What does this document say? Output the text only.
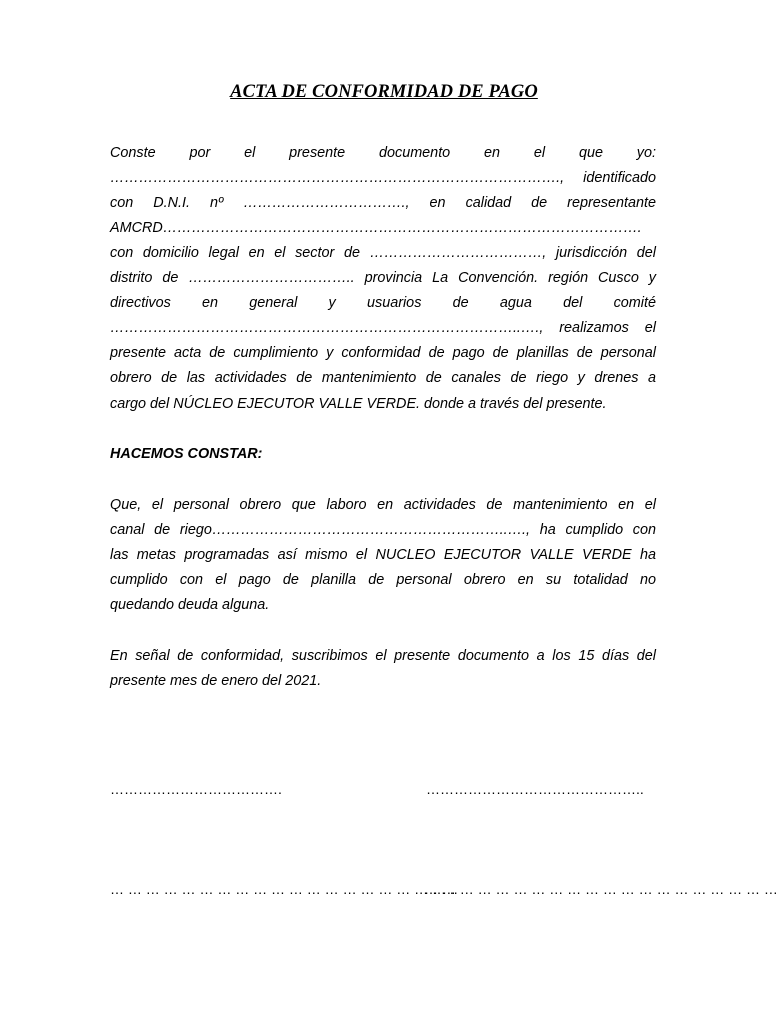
ACTA DE CONFORMIDAD DE PAGO
Conste por el presente documento en el que yo:
…………………………………………………………………………………., identificado
con D.N.I. nº ……………………………., en calidad de representante
AMCRD……………………………………………………………………………………….
con domicilio legal en el sector de ………………………………, jurisdicción del
distrito de …………………………….. provincia La Convención. región Cusco y
directivos en general y usuarios de agua del comité
…………………………………………………………………………..…., realizamos el
presente acta de cumplimiento y conformidad de pago de planillas de personal
obrero de las actividades de mantenimiento de canales de riego y drenes a
cargo del NÚCLEO EJECUTOR VALLE VERDE. donde a través del presente.
HACEMOS CONSTAR:
Que, el personal obrero que laboro en actividades de mantenimiento en el
canal de riego……………………………………………………..…., ha cumplido con
las metas programadas así mismo el NUCLEO EJECUTOR VALLE VERDE ha
cumplido con el pago de planilla de personal obrero en su totalidad no
quedando deuda alguna.
En señal de conformidad, suscribimos el presente documento a los 15 días del
presente mes de enero del 2021.
……………………………….	………………………………………..
… … … … … … … … … … … … … … … … … … … ..
… … … … … … … … … … … … … … … … … … … …
